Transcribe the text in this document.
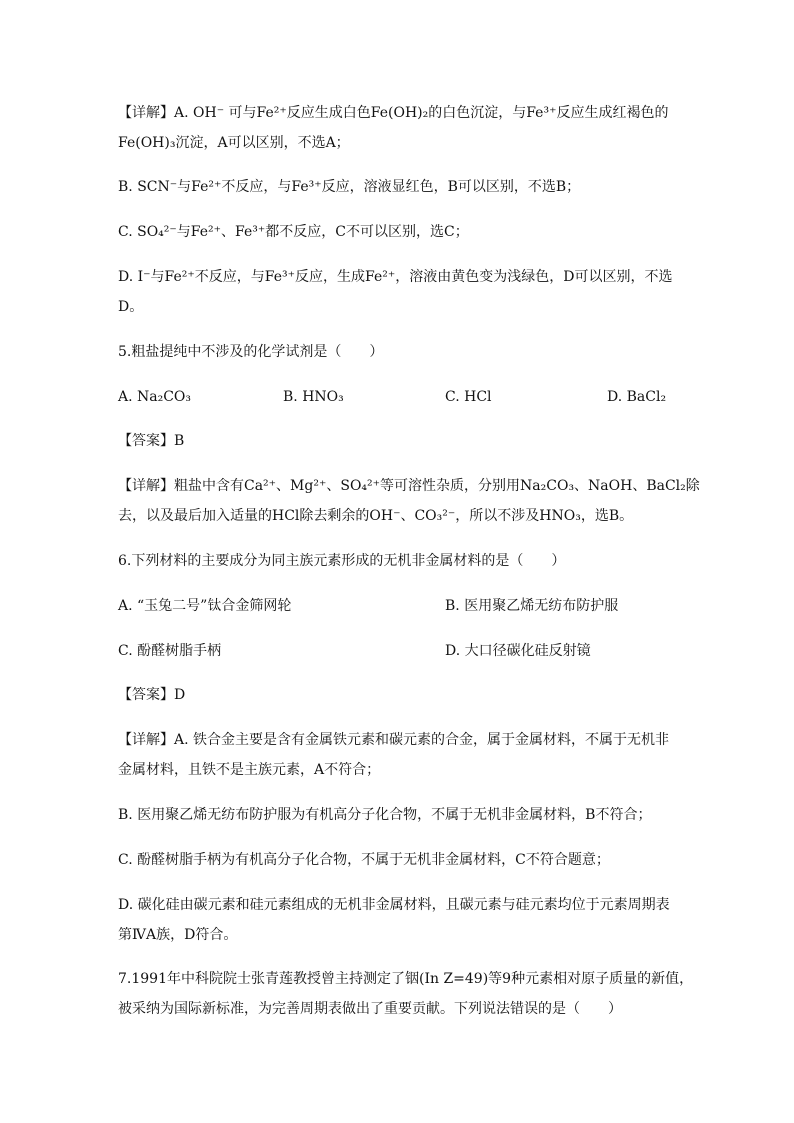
【详解】A. OH⁻ 可与Fe²⁺反应生成白色Fe(OH)₂的白色沉淀，与Fe³⁺反应生成红褐色的
Fe(OH)₃沉淀，A可以区别，不选A；
B. SCN⁻与Fe²⁺不反应，与Fe³⁺反应，溶液显红色，B可以区别，不选B；
C. SO₄²⁻与Fe²⁺、Fe³⁺都不反应，C不可以区别，选C；
D. I⁻与Fe²⁺不反应，与Fe³⁺反应，生成Fe²⁺，溶液由黄色变为浅绿色，D可以区别，不选
D。
5.粗盐提纯中不涉及的化学试剂是（　　）
A. Na₂CO₃	B. HNO₃	C. HCl	D. BaCl₂
【答案】B
【详解】粗盐中含有Ca²⁺、Mg²⁺、SO₄²⁺等可溶性杂质，分别用Na₂CO₃、NaOH、BaCl₂除
去，以及最后加入适量的HCl除去剩余的OH⁻、CO₃²⁻，所以不涉及HNO₃，选B。
6.下列材料的主要成分为同主族元素形成的无机非金属材料的是（　　）
A. “玉兔二号”钛合金筛网轮	B. 医用聚乙烯无纺布防护服
C. 酚醛树脂手柄	D. 大口径碳化硅反射镜
【答案】D
【详解】A. 铁合金主要是含有金属铁元素和碳元素的合金，属于金属材料，不属于无机非
金属材料，且铁不是主族元素，A不符合；
B. 医用聚乙烯无纺布防护服为有机高分子化合物，不属于无机非金属材料，B不符合；
C. 酚醛树脂手柄为有机高分子化合物，不属于无机非金属材料，C不符合题意；
D. 碳化硅由碳元素和硅元素组成的无机非金属材料，且碳元素与硅元素均位于元素周期表
第ⅣA族，D符合。
7.1991年中科院院士张青莲教授曾主持测定了铟(In Z=49)等9种元素相对原子质量的新值，
被采纳为国际新标准，为完善周期表做出了重要贡献。下列说法错误的是（　　）
